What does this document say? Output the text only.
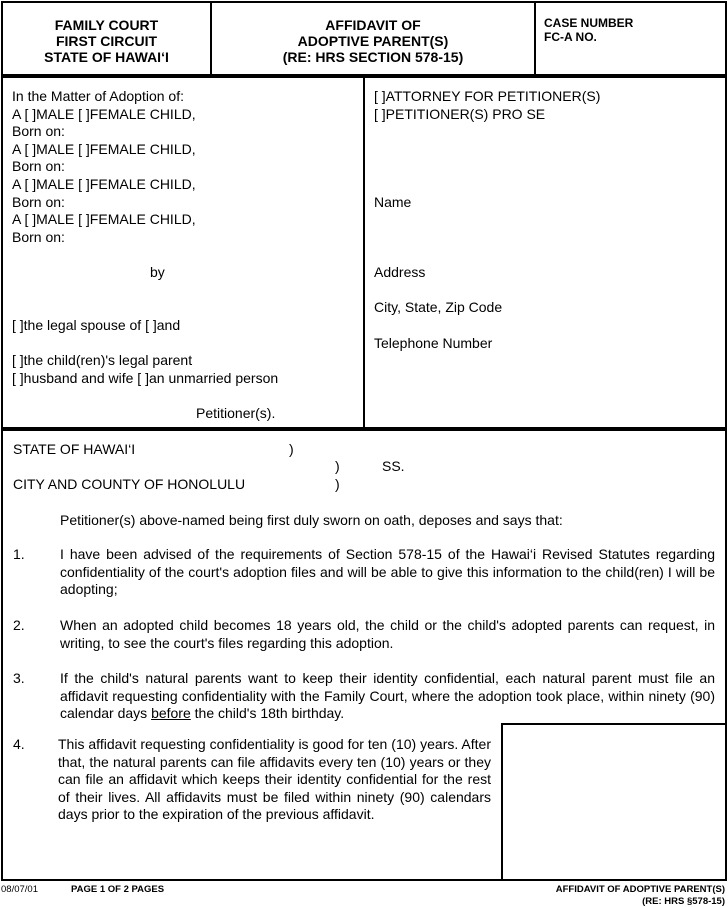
FAMILY COURT
FIRST CIRCUIT
STATE OF HAWAI‘I
AFFIDAVIT OF
ADOPTIVE PARENT(S)
(RE: HRS SECTION 578-15)
CASE NUMBER
FC-A NO.
In the Matter of Adoption of:
A [ ]MALE [ ]FEMALE CHILD,
Born on:
A [ ]MALE [ ]FEMALE CHILD,
Born on:
A [ ]MALE [ ]FEMALE CHILD,
Born on:
A [ ]MALE [ ]FEMALE CHILD,
Born on:
by
[ ]the legal spouse of [ ]and
[ ]the child(ren)'s legal parent
[ ]husband and wife [ ]an unmarried person
Petitioner(s).
[ ]ATTORNEY FOR PETITIONER(S)
[ ]PETITIONER(S) PRO SE
Name
Address
City, State, Zip Code
Telephone Number
STATE OF HAWAI‘I	)
)	SS.
CITY AND COUNTY OF HONOLULU	)
Petitioner(s) above-named being first duly sworn on oath, deposes and says that:
1.	I have been advised of the requirements of Section 578-15 of the Hawai‘i Revised Statutes regarding confidentiality of the court's adoption files and will be able to give this information to the child(ren) I will be adopting;
2.	When an adopted child becomes 18 years old, the child or the child's adopted parents can request, in writing, to see the court's files regarding this adoption.
3.	If the child's natural parents want to keep their identity confidential, each natural parent must file an affidavit requesting confidentiality with the Family Court, where the adoption took place, within ninety (90) calendar days before the child's 18th birthday.
4. This affidavit requesting confidentiality is good for ten (10) years. After that, the natural parents can file affidavits every ten (10) years or they can file an affidavit which keeps their identity confidential for the rest of their lives. All affidavits must be filed within ninety (90) calendars days prior to the expiration of the previous affidavit.
08/07/01	PAGE 1 OF 2 PAGES	AFFIDAVIT OF ADOPTIVE PARENT(S)
(RE: HRS §578-15)
